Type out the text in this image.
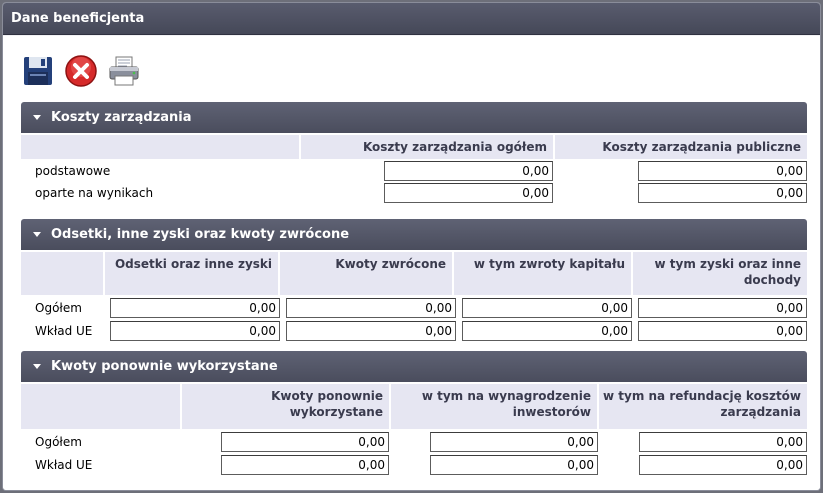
Dane beneficjenta
Koszty zarządzania
Koszty zarządzania ogółem	Koszty zarządzania publiczne
podstawowe
0,00
0,00
oparte na wynikach
0,00
0,00
Odsetki, inne zyski oraz kwoty zwrócone
Odsetki oraz inne zyski	Kwoty zwrócone	w tym zwroty kapitału	w tym zyski oraz inne dochody
Ogółem
0,00
0,00
0,00
0,00
Wkład UE
0,00
0,00
0,00
0,00
Kwoty ponownie wykorzystane
Kwoty ponownie wykorzystane
w tym na wynagrodzenie inwestorów
w tym na refundację kosztów zarządzania
Ogółem
0,00
0,00
0,00
Wkład UE
0,00
0,00
0,00
